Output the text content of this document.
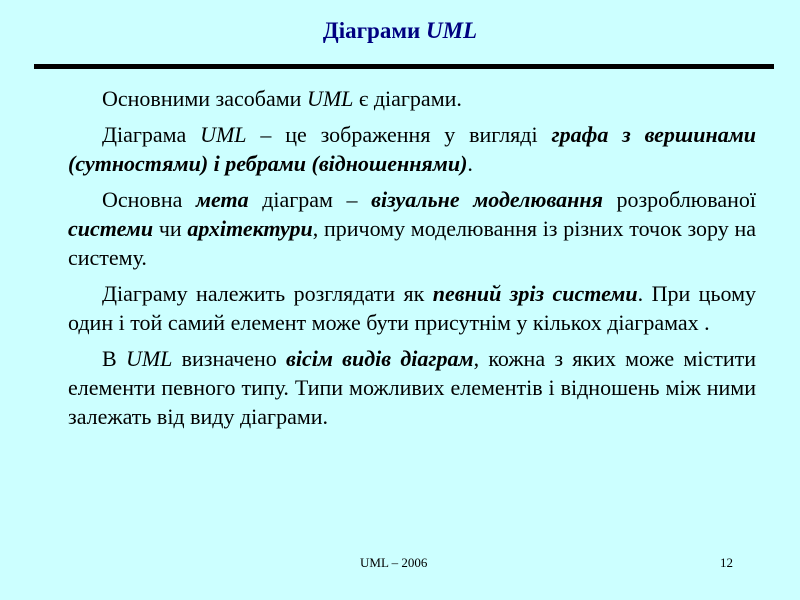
Діаграми UML

Основними засобами UML є діаграми.

Діаграма UML – це зображення у вигляді графа з вершинами (сутностями) і ребрами (відношеннями).

Основна мета діаграм – візуальне моделювання розроблюваної системи чи архітектури, причому моделювання із різних точок зору на систему.

Діаграму належить розглядати як певний зріз системи. При цьому один і той самий елемент може бути присутнім у кількох діаграмах .

В UML визначено вісім видів діаграм, кожна з яких може містити елементи певного типу. Типи можливих елементів і відношень між ними залежать від виду діаграми.

UML – 2006	12
